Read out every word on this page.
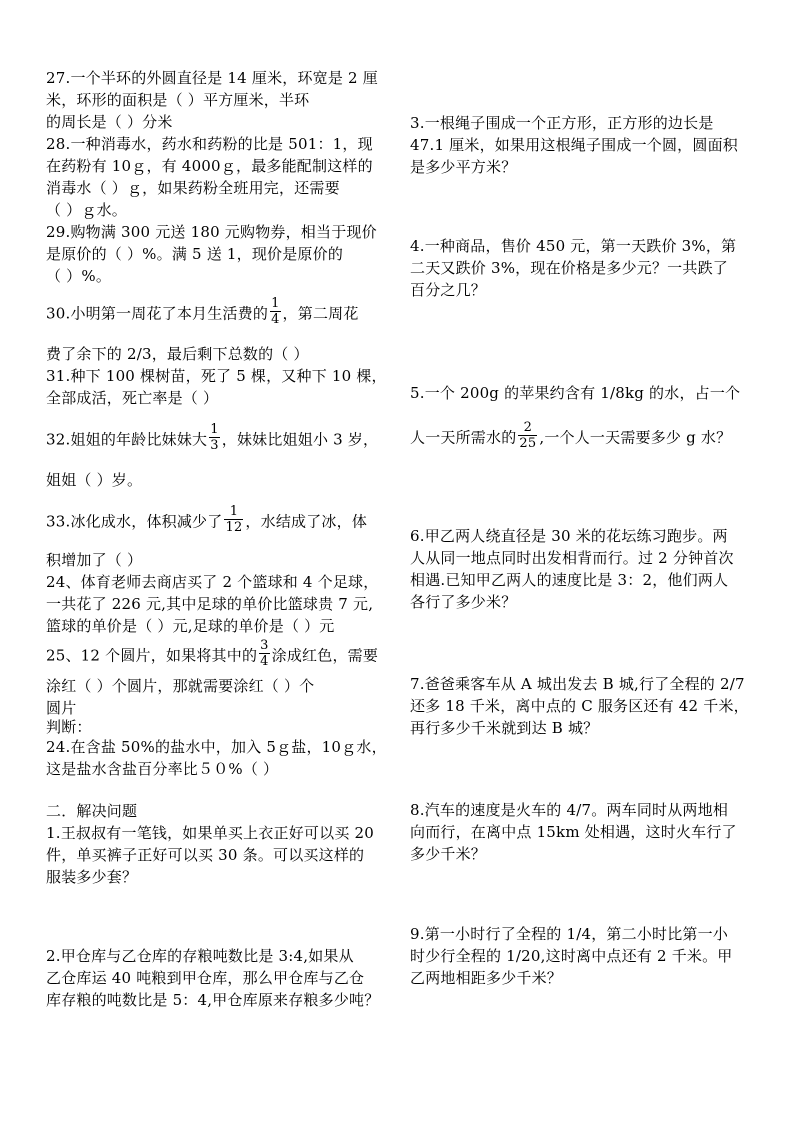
27.一个半环的外圆直径是 14 厘米，环宽是 2 厘
米，环形的面积是（ ）平方厘米，半环
的周长是（ ）分米
28.一种消毒水，药水和药粉的比是 501：1，现
在药粉有 10ｇ，有 4000ｇ，最多能配制这样的
消毒水（ ）ｇ，如果药粉全班用完，还需要
（ ）ｇ水。
29.购物满 300 元送 180 元购物券，相当于现价
是原价的（ ）%。满 5 送 1，现价是原价的
（ ）%。
30.小明第一周花了本月生活费的 $\frac{1}{4}$ ，第二周花
费了余下的 2/3，最后剩下总数的（ ）
31.种下 100 棵树苗，死了 5 棵，又种下 10 棵，
全部成活，死亡率是（ ）
32.姐姐的年龄比妹妹大 $\frac{1}{3}$ ，妹妹比姐姐小 3 岁，
姐姐（ ）岁。
33.冰化成水，体积减少了 $\frac{1}{12}$ ，水结成了冰，体
积增加了（ ）
24、体育老师去商店买了 2 个篮球和 4 个足球，
一共花了 226 元,其中足球的单价比篮球贵 7 元,
篮球的单价是（ ）元,足球的单价是（ ）元
25、12 个圆片，如果将其中的 $\frac{3}{4}$ 涂成红色，需要
涂红（ ）个圆片，那就需要涂红（ ）个
圆片
判断：
24.在含盐 50%的盐水中，加入 5ｇ盐，10ｇ水，
这是盐水含盐百分率比５０%（ ）
二．解决问题
1.王叔叔有一笔钱，如果单买上衣正好可以买 20
件，单买裤子正好可以买 30 条。可以买这样的
服装多少套？
2.甲仓库与乙仓库的存粮吨数比是 3:4,如果从
乙仓库运 40 吨粮到甲仓库，那么甲仓库与乙仓
库存粮的吨数比是 5：4,甲仓库原来存粮多少吨？
3.一根绳子围成一个正方形，正方形的边长是
47.1 厘米，如果用这根绳子围成一个圆，圆面积
是多少平方米？
4.一种商品，售价 450 元，第一天跌价 3%，第
二天又跌价 3%，现在价格是多少元？一共跌了
百分之几？
5.一个 200g 的苹果约含有 1/8kg 的水，占一个
人一天所需水的 $\frac{2}{25}$ ,一个人一天需要多少 g 水？
6.甲乙两人绕直径是 30 米的花坛练习跑步。两
人从同一地点同时出发相背而行。过 2 分钟首次
相遇.已知甲乙两人的速度比是 3：2，他们两人
各行了多少米？
7.爸爸乘客车从 A 城出发去 B 城,行了全程的 2/7
还多 18 千米，离中点的 C 服务区还有 42 千米，
再行多少千米就到达 B 城？
8.汽车的速度是火车的 4/7。两车同时从两地相
向而行，在离中点 15km 处相遇，这时火车行了
多少千米？
9.第一小时行了全程的 1/4，第二小时比第一小
时少行全程的 1/20,这时离中点还有 2 千米。甲
乙两地相距多少千米？
